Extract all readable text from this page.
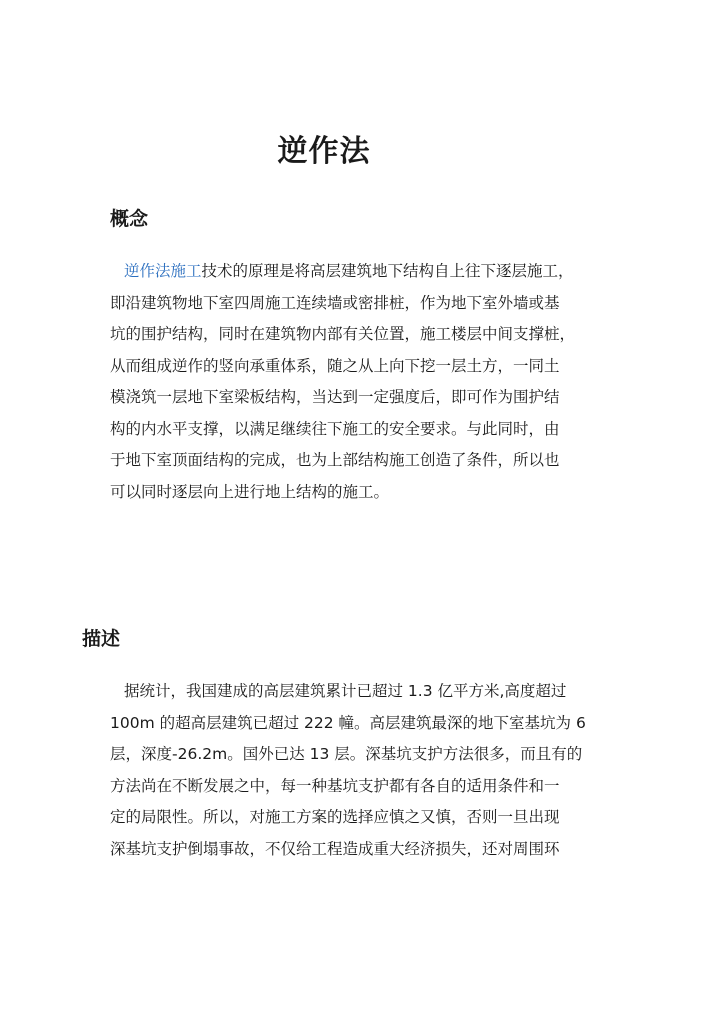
逆作法
概念
逆作法施工技术的原理是将高层建筑地下结构自上往下逐层施工，
即沿建筑物地下室四周施工连续墙或密排桩，作为地下室外墙或基
坑的围护结构，同时在建筑物内部有关位置，施工楼层中间支撑桩，
从而组成逆作的竖向承重体系，随之从上向下挖一层土方，一同土
模浇筑一层地下室梁板结构，当达到一定强度后，即可作为围护结
构的内水平支撑，以满足继续往下施工的安全要求。与此同时，由
于地下室顶面结构的完成，也为上部结构施工创造了条件，所以也
可以同时逐层向上进行地上结构的施工。
描述
据统计，我国建成的高层建筑累计已超过 1.3 亿平方米,高度超过
100m 的超高层建筑已超过 222 幢。高层建筑最深的地下室基坑为 6
层，深度-26.2m。国外已达 13 层。深基坑支护方法很多，而且有的
方法尚在不断发展之中，每一种基坑支护都有各自的适用条件和一
定的局限性。所以，对施工方案的选择应慎之又慎，否则一旦出现
深基坑支护倒塌事故，不仅给工程造成重大经济损失，还对周围环
